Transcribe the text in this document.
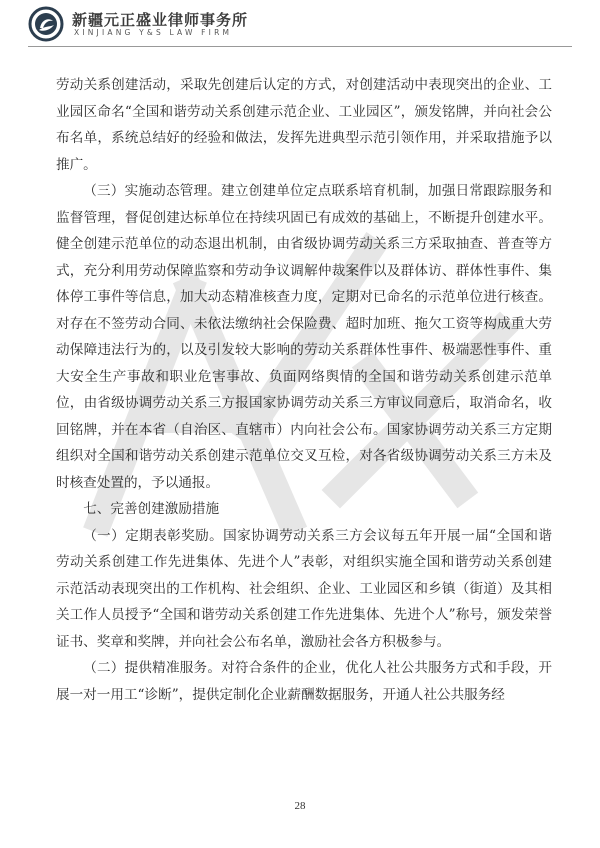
新疆元正盛业律师事务所
XINJIANG Y&S LAW FIRM

劳动关系创建活动，采取先创建后认定的方式，对创建活动中表现突出的企业、工业园区命名“全国和谐劳动关系创建示范企业、工业园区”，颁发铭牌，并向社会公布名单，系统总结好的经验和做法，发挥先进典型示范引领作用，并采取措施予以推广。

（三）实施动态管理。建立创建单位定点联系培育机制，加强日常跟踪服务和监督管理，督促创建达标单位在持续巩固已有成效的基础上，不断提升创建水平。健全创建示范单位的动态退出机制，由省级协调劳动关系三方采取抽查、普查等方式，充分利用劳动保障监察和劳动争议调解仲裁案件以及群体访、群体性事件、集体停工事件等信息，加大动态精准核查力度，定期对已命名的示范单位进行核查。对存在不签劳动合同、未依法缴纳社会保险费、超时加班、拖欠工资等构成重大劳动保障违法行为的，以及引发较大影响的劳动关系群体性事件、极端恶性事件、重大安全生产事故和职业危害事故、负面网络舆情的全国和谐劳动关系创建示范单位，由省级协调劳动关系三方报国家协调劳动关系三方审议同意后，取消命名，收回铭牌，并在本省（自治区、直辖市）内向社会公布。国家协调劳动关系三方定期组织对全国和谐劳动关系创建示范单位交叉互检，对各省级协调劳动关系三方未及时核查处置的，予以通报。

七、完善创建激励措施

（一）定期表彰奖励。国家协调劳动关系三方会议每五年开展一届“全国和谐劳动关系创建工作先进集体、先进个人”表彰，对组织实施全国和谐劳动关系创建示范活动表现突出的工作机构、社会组织、企业、工业园区和乡镇（街道）及其相关工作人员授予“全国和谐劳动关系创建工作先进集体、先进个人”称号，颁发荣誉证书、奖章和奖牌，并向社会公布名单，激励社会各方积极参与。

（二）提供精准服务。对符合条件的企业，优化人社公共服务方式和手段，开展一对一用工“诊断”，提供定制化企业薪酬数据服务，开通人社公共服务经

28
